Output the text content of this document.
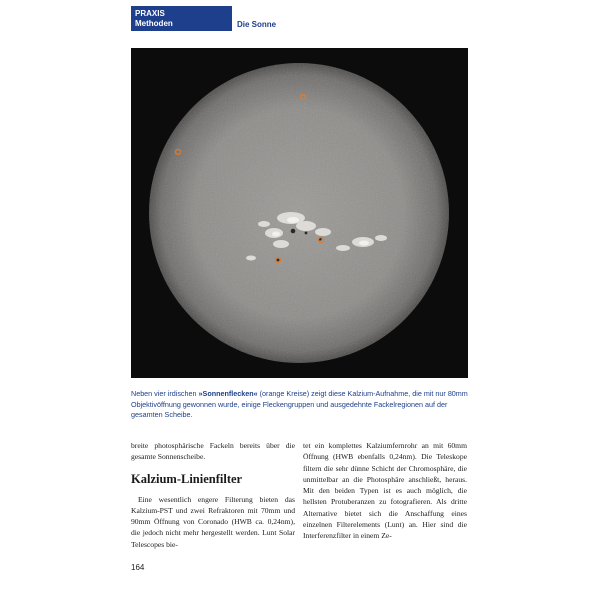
PRAXIS
Methoden	Die Sonne
Neben vier irdischen »Sonnenflecken« (orange Kreise) zeigt diese Kalzium-Aufnahme, die mit nur 80mm Objektivöffnung gewonnen wurde, einige Fleckengruppen und ausgedehnte Fackelregionen auf der gesamten Scheibe.

breite photosphärische Fackeln bereits über die gesamte Sonnenscheibe.

Kalzium-Linienfilter

Eine wesentlich engere Filterung bieten das Kalzium-PST und zwei Refraktoren mit 70mm und 90mm Öffnung von Coronado (HWB ca. 0,24nm), die jedoch nicht mehr hergestellt werden. Lunt Solar Telescopes bie-

tet ein komplettes Kalziumfernrohr an mit 60mm Öffnung (HWB ebenfalls 0,24nm). Die Teleskope filtern die sehr dünne Schicht der Chromosphäre, die unmittelbar an die Photosphäre anschließt, heraus. Mit den beiden Typen ist es auch möglich, die hellsten Protuberanzen zu fotografieren. Als dritte Alternative bietet sich die Anschaffung eines einzelnen Filterelements (Lunt) an. Hier sind die Interferenzfilter in einem Ze-

164
